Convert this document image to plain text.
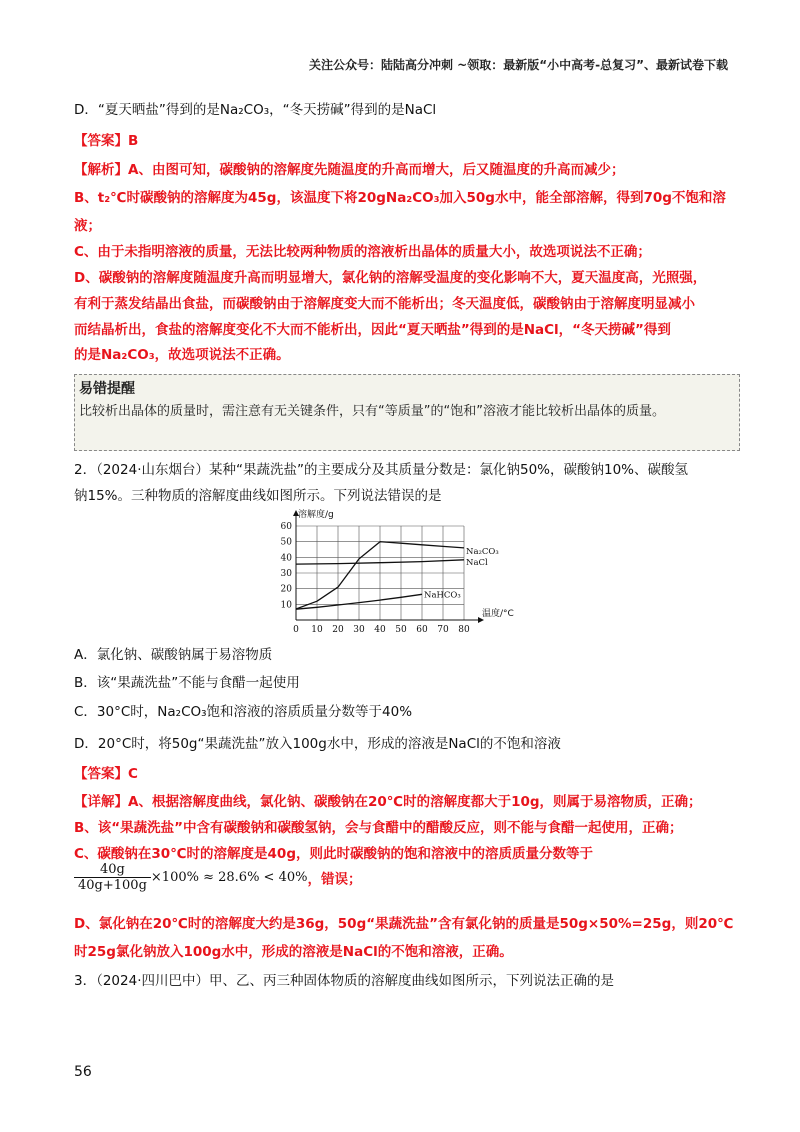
关注公众号：陆陆高分冲刺 ~领取：最新版“小中高考-总复习”、最新试卷下载
D．“夏天晒盐”得到的是Na₂CO₃，“冬天捞碱”得到的是NaCl
【答案】B
【解析】A、由图可知，碳酸钠的溶解度先随温度的升高而增大，后又随温度的升高而减少；
B、t₂℃时碳酸钠的溶解度为45g，该温度下将20gNa₂CO₃加入50g水中，能全部溶解，得到70g不饱和溶
液；
C、由于未指明溶液的质量，无法比较两种物质的溶液析出晶体的质量大小，故选项说法不正确；
D、碳酸钠的溶解度随温度升高而明显增大，氯化钠的溶解受温度的变化影响不大，夏天温度高，光照强，
有利于蒸发结晶出食盐，而碳酸钠由于溶解度变大而不能析出；冬天温度低，碳酸钠由于溶解度明显减小
而结晶析出，食盐的溶解度变化不大而不能析出，因此“夏天晒盐”得到的是NaCl，“冬天捞碱”得到
的是Na₂CO₃，故选项说法不正确。
易错提醒
比较析出晶体的质量时，需注意有无关键条件，只有“等质量”的“饱和”溶液才能比较析出晶体的质量。
2．（2024·山东烟台）某种“果蔬洗盐”的主要成分及其质量分数是：氯化钠50%，碳酸钠10%、碳酸氢
钠15%。三种物质的溶解度曲线如图所示。下列说法错误的是
0 10 20 30 40 50 60 70 80
10
20
30
40
50
60
溶解度/g
温度/°C
Na₂CO₃
NaCl
NaHCO₃
A．氯化钠、碳酸钠属于易溶物质
B．该“果蔬洗盐”不能与食醋一起使用
C．30°C时，Na₂CO₃饱和溶液的溶质质量分数等于40%
D．20°C时，将50g“果蔬洗盐”放入100g水中，形成的溶液是NaCl的不饱和溶液
【答案】C
【详解】A、根据溶解度曲线，氯化钠、碳酸钠在20℃时的溶解度都大于10g，则属于易溶物质，正确；
B、该“果蔬洗盐”中含有碳酸钠和碳酸氢钠，会与食醋中的醋酸反应，则不能与食醋一起使用，正确；
C、碳酸钠在30℃时的溶解度是40g，则此时碳酸钠的饱和溶液中的溶质质量分数等于
$\frac{40g}{40g+100g} \times 100\% \approx 28.6\% < 40\%$，错误；
D、氯化钠在20℃时的溶解度大约是36g，50g“果蔬洗盐”含有氯化钠的质量是50g×50%=25g，则20℃
时25g氯化钠放入100g水中，形成的溶液是NaCl的不饱和溶液，正确。
3．（2024·四川巴中）甲、乙、丙三种固体物质的溶解度曲线如图所示，下列说法正确的是
56
